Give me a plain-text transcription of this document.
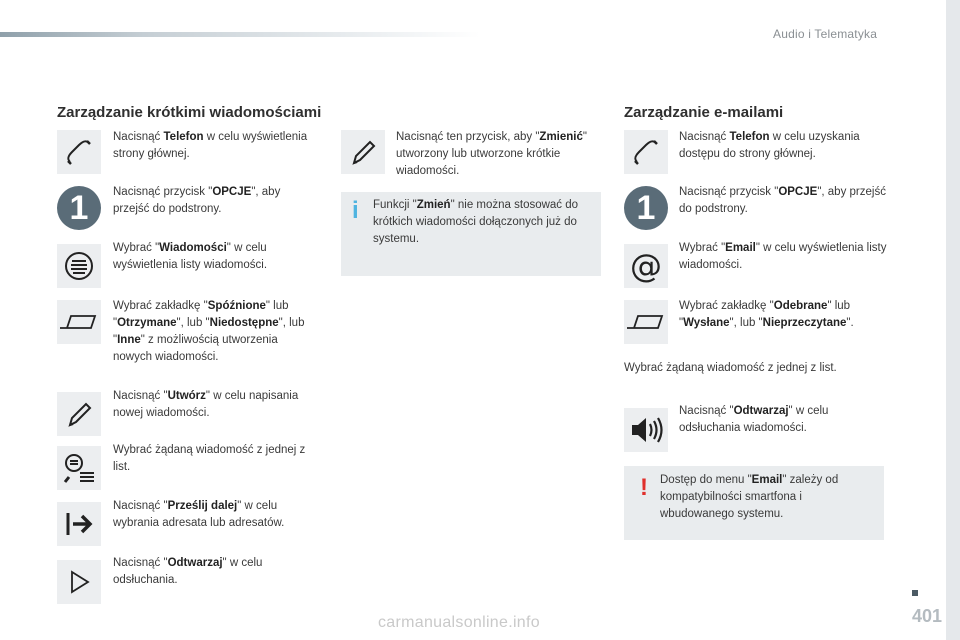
Audio i Telematyka
Zarządzanie krótkimi wiadomościami
Nacisnąć Telefon w celu wyświetlenia strony głównej.
1	Nacisnąć przycisk "OPCJE", aby przejść do podstrony.
Wybrać "Wiadomości" w celu wyświetlenia listy wiadomości.
Wybrać zakładkę "Spóźnione" lub "Otrzymane", lub "Niedostępne", lub "Inne" z możliwością utworzenia nowych wiadomości.
Nacisnąć "Utwórz" w celu napisania nowej wiadomości.
Wybrać żądaną wiadomość z jednej z list.
Nacisnąć "Prześlij dalej" w celu wybrania adresata lub adresatów.
Nacisnąć "Odtwarzaj" w celu odsłuchania.
Nacisnąć ten przycisk, aby "Zmienić" utworzony lub utworzone krótkie wiadomości.
i Funkcji "Zmień" nie można stosować do krótkich wiadomości dołączonych już do systemu.
Zarządzanie e-mailami
Nacisnąć Telefon w celu uzyskania dostępu do strony głównej.
1	Nacisnąć przycisk "OPCJE", aby przejść do podstrony.
@ Wybrać "Email" w celu wyświetlenia listy wiadomości.
Wybrać zakładkę "Odebrane" lub "Wysłane", lub "Nieprzeczytane".
Wybrać żądaną wiadomość z jednej z list.
Nacisnąć "Odtwarzaj" w celu odsłuchania wiadomości.
! Dostęp do menu "Email" zależy od kompatybilności smartfona i wbudowanego systemu.
401
carmanualsonline.info
